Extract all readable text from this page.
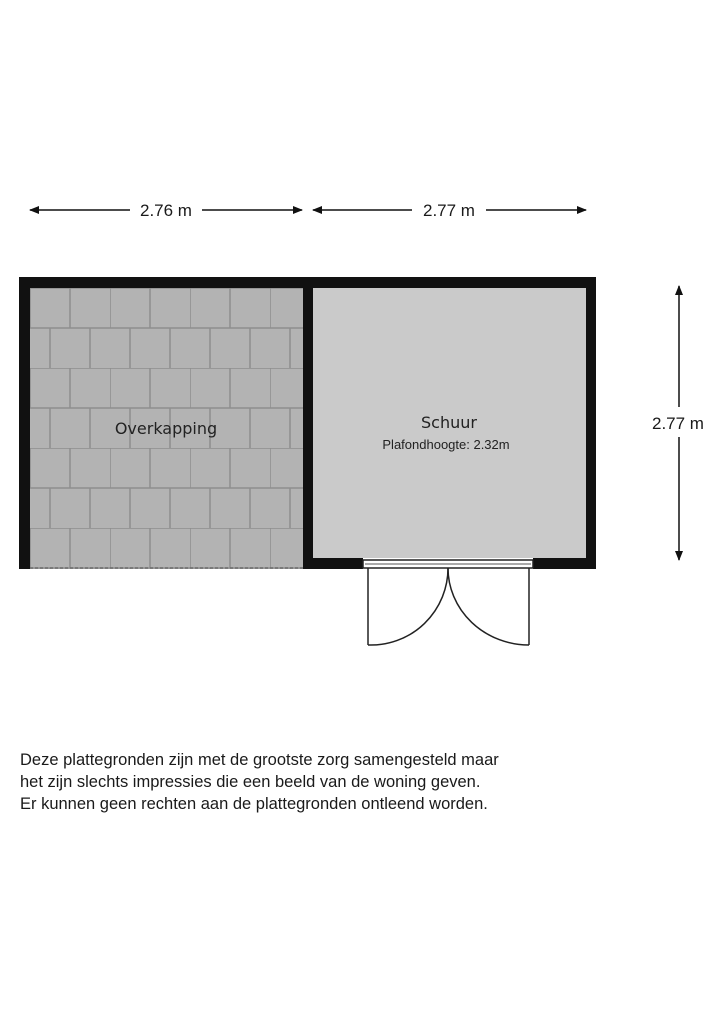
2.76 m	2.77 m
2.77 m
Overkapping	Schuur
Plafondhoogte: 2.32m
Deze plattegronden zijn met de grootste zorg samengesteld maar
het zijn slechts impressies die een beeld van de woning geven.
Er kunnen geen rechten aan de plattegronden ontleend worden.
